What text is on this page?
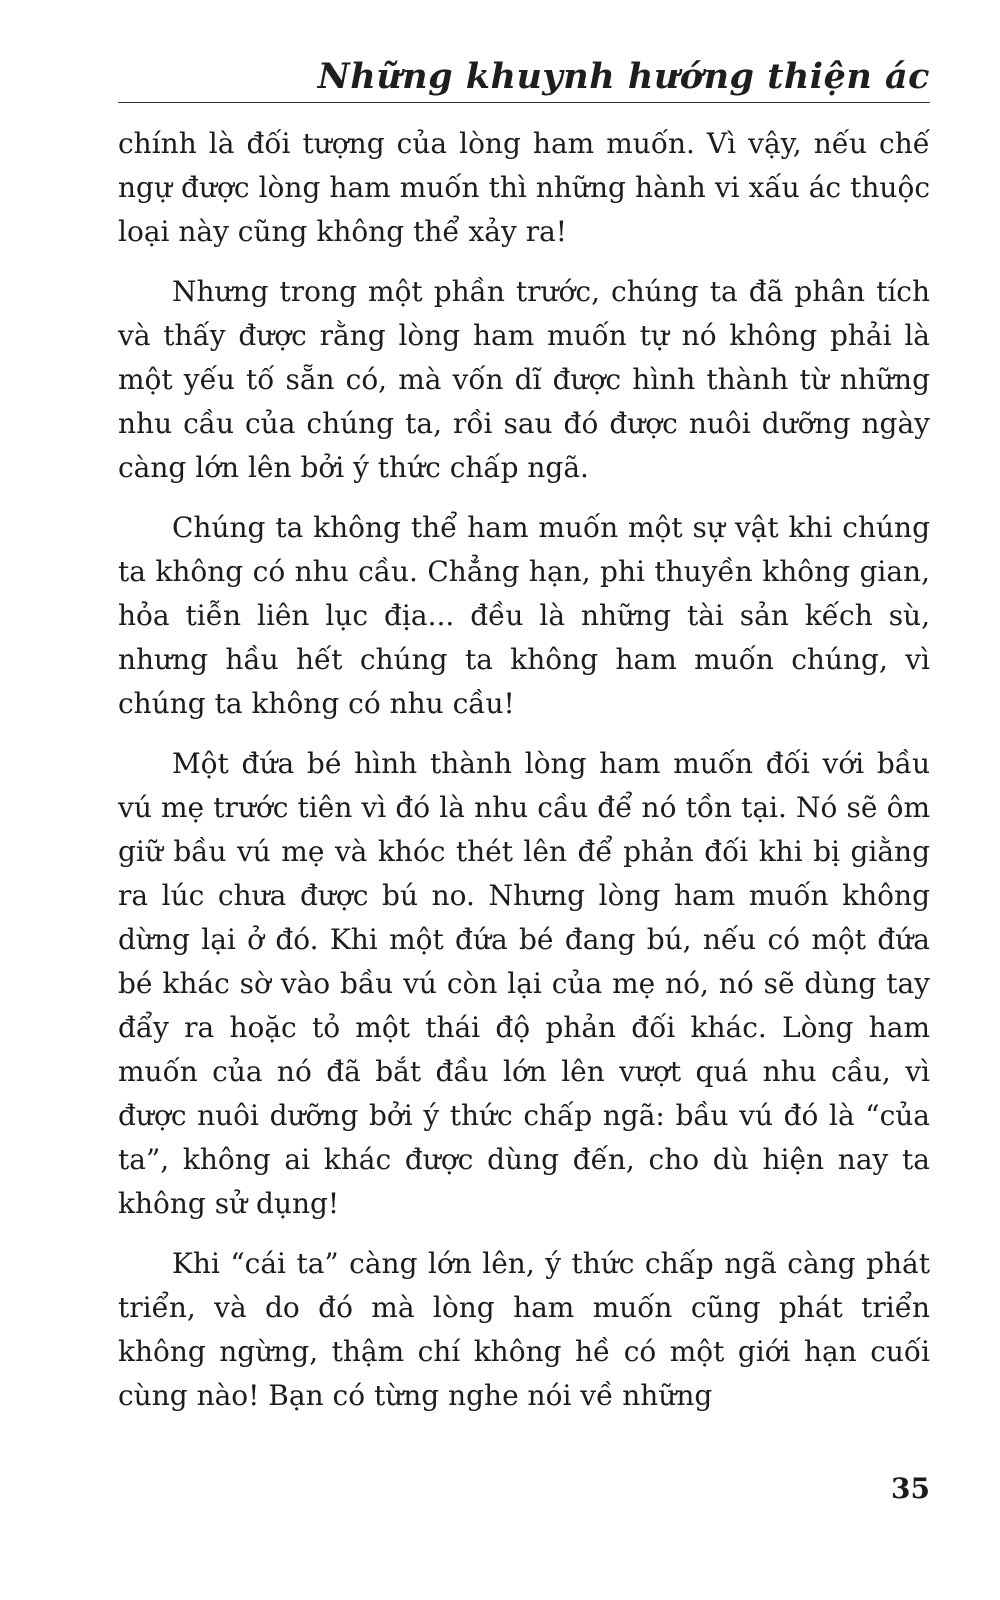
Những khuynh hướng thiện ác

chính là đối tượng của lòng ham muốn. Vì vậy, nếu chế ngự được lòng ham muốn thì những hành vi xấu ác thuộc loại này cũng không thể xảy ra!

Nhưng trong một phần trước, chúng ta đã phân tích và thấy được rằng lòng ham muốn tự nó không phải là một yếu tố sẵn có, mà vốn dĩ được hình thành từ những nhu cầu của chúng ta, rồi sau đó được nuôi dưỡng ngày càng lớn lên bởi ý thức chấp ngã.

Chúng ta không thể ham muốn một sự vật khi chúng ta không có nhu cầu. Chẳng hạn, phi thuyền không gian, hỏa tiễn liên lục địa... đều là những tài sản kếch sù, nhưng hầu hết chúng ta không ham muốn chúng, vì chúng ta không có nhu cầu!

Một đứa bé hình thành lòng ham muốn đối với bầu vú mẹ trước tiên vì đó là nhu cầu để nó tồn tại. Nó sẽ ôm giữ bầu vú mẹ và khóc thét lên để phản đối khi bị giằng ra lúc chưa được bú no. Nhưng lòng ham muốn không dừng lại ở đó. Khi một đứa bé đang bú, nếu có một đứa bé khác sờ vào bầu vú còn lại của mẹ nó, nó sẽ dùng tay đẩy ra hoặc tỏ một thái độ phản đối khác. Lòng ham muốn của nó đã bắt đầu lớn lên vượt quá nhu cầu, vì được nuôi dưỡng bởi ý thức chấp ngã: bầu vú đó là “của ta”, không ai khác được dùng đến, cho dù hiện nay ta không sử dụng!

Khi “cái ta” càng lớn lên, ý thức chấp ngã càng phát triển, và do đó mà lòng ham muốn cũng phát triển không ngừng, thậm chí không hề có một giới hạn cuối cùng nào! Bạn có từng nghe nói về những

35
